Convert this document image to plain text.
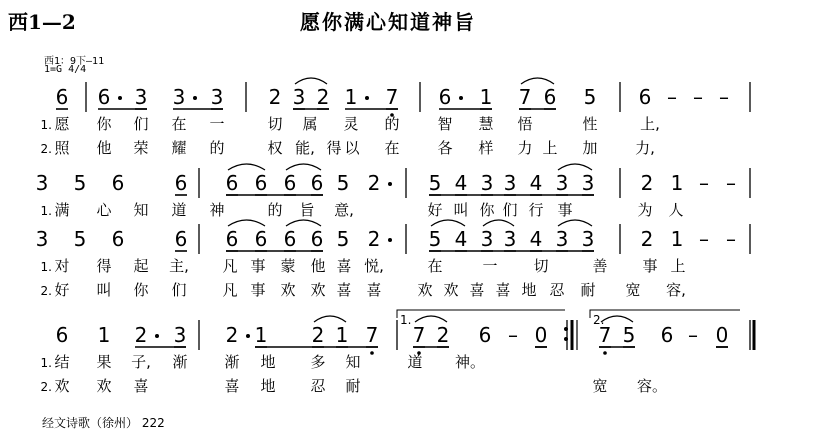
西1—2	愿你满心知道神旨
西1：9下—11
1=G 4/4
经文诗歌（徐州） 222
6 6 3 3 3 2 3 2 1 7 6 1 7 6 5 6 – – –
1. 愿 你 们 在 一	切 属 灵 的	智 慧 悟	性	上,
2. 照 他 荣 耀 的	权 能, 得 以 在	各 样 力 上 加	力,
3 5 6	6 6 6 6 6 5 2 5 4 3 3 4 3 3 2 1 – –
1. 满 心 知 道 神	的 旨 意,	好 叫 你 们 行 事	为 人
3 5 6	6 6 6 6 6 5 2 5 4 3 3 4 3 3 2 1 – –
1. 对 得 起 主, 凡 事 蒙 他 喜 悦,	在	一 切	善 事 上
2. 好 叫 你 们 凡 事 欢 欢 喜 喜 欢 欢 喜 喜 地 忍 耐 宽 容,
6 1 2 3 2 1 2 1 7 7 2 6 – 0	7 5 6 – 0
1. 结 果 子, 渐 渐 地 多 知	道 神。
2. 欢 欢 喜	喜 地 忍 耐	宽 容。
1.	2.
